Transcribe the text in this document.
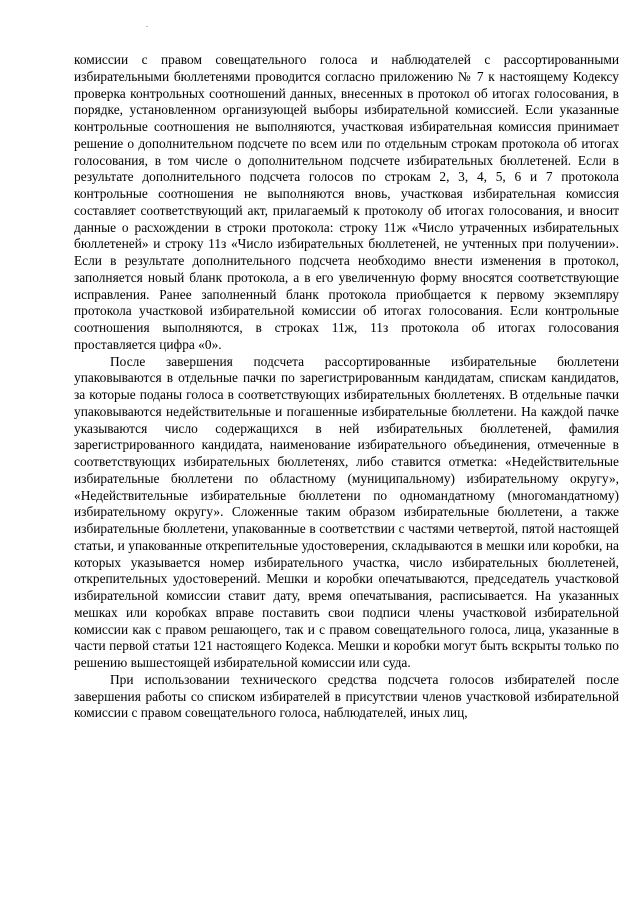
.

комиссии с правом совещательного голоса и наблюдателей с рассортированными избирательными бюллетенями проводится согласно приложению № 7 к настоящему Кодексу проверка контрольных соотношений данных, внесенных в протокол об итогах голосования, в порядке, установленном организующей выборы избирательной комиссией. Если указанные контрольные соотношения не выполняются, участковая избирательная комиссия принимает решение о дополнительном подсчете по всем или по отдельным строкам протокола об итогах голосования, в том числе о дополнительном подсчете избирательных бюллетеней. Если в результате дополнительного подсчета голосов по строкам 2, 3, 4, 5, 6 и 7 протокола контрольные соотношения не выполняются вновь, участковая избирательная комиссия составляет соответствующий акт, прилагаемый к протоколу об итогах голосования, и вносит данные о расхождении в строки протокола: строку 11ж «Число утраченных избирательных бюллетеней» и строку 11з «Число избирательных бюллетеней, не учтенных при получении». Если в результате дополнительного подсчета необходимо внести изменения в протокол, заполняется новый бланк протокола, а в его увеличенную форму вносятся соответствующие исправления. Ранее заполненный бланк протокола приобщается к первому экземпляру протокола участковой избирательной комиссии об итогах голосования. Если контрольные соотношения выполняются, в строках 11ж, 11з протокола об итогах голосования проставляется цифра «0».

После завершения подсчета рассортированные избирательные бюллетени упаковываются в отдельные пачки по зарегистрированным кандидатам, спискам кандидатов, за которые поданы голоса в соответствующих избирательных бюллетенях. В отдельные пачки упаковываются недействительные и погашенные избирательные бюллетени. На каждой пачке указываются число содержащихся в ней избирательных бюллетеней, фамилия зарегистрированного кандидата, наименование избирательного объединения, отмеченные в соответствующих избирательных бюллетенях, либо ставится отметка: «Недействительные избирательные бюллетени по областному (муниципальному) избирательному округу», «Недействительные избирательные бюллетени по одномандатному (многомандатному) избирательному округу». Сложенные таким образом избирательные бюллетени, а также избирательные бюллетени, упакованные в соответствии с частями четвертой, пятой настоящей статьи, и упакованные открепительные удостоверения, складываются в мешки или коробки, на которых указывается номер избирательного участка, число избирательных бюллетеней, открепительных удостоверений. Мешки и коробки опечатываются, председатель участковой избирательной комиссии ставит дату, время опечатывания, расписывается. На указанных мешках или коробках вправе поставить свои подписи члены участковой избирательной комиссии как с правом решающего, так и с правом совещательного голоса, лица, указанные в части первой статьи 121 настоящего Кодекса. Мешки и коробки могут быть вскрыты только по решению вышестоящей избирательной комиссии или суда.

При использовании технического средства подсчета голосов избирателей после завершения работы со списком избирателей в присутствии членов участковой избирательной комиссии с правом совещательного голоса, наблюдателей, иных лиц,
